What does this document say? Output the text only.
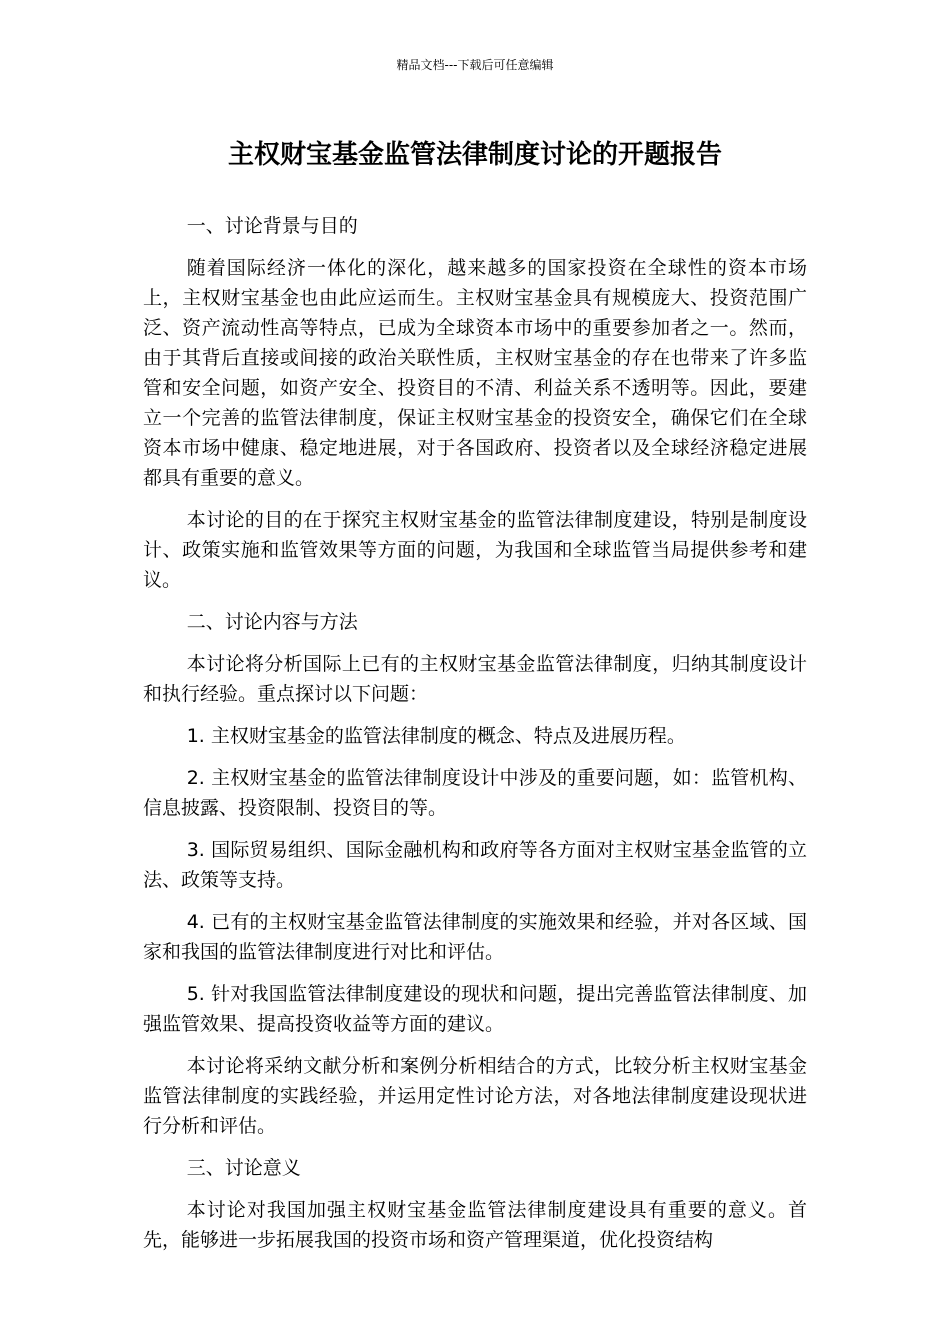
精品文档---下载后可任意编辑
主权财宝基金监管法律制度讨论的开题报告

一、讨论背景与目的

随着国际经济一体化的深化，越来越多的国家投资在全球性的资本市场上，主权财宝基金也由此应运而生。主权财宝基金具有规模庞大、投资范围广泛、资产流动性高等特点，已成为全球资本市场中的重要参加者之一。然而，由于其背后直接或间接的政治关联性质，主权财宝基金的存在也带来了许多监管和安全问题，如资产安全、投资目的不清、利益关系不透明等。因此，要建立一个完善的监管法律制度，保证主权财宝基金的投资安全，确保它们在全球资本市场中健康、稳定地进展，对于各国政府、投资者以及全球经济稳定进展都具有重要的意义。

本讨论的目的在于探究主权财宝基金的监管法律制度建设，特别是制度设计、政策实施和监管效果等方面的问题，为我国和全球监管当局提供参考和建议。

二、讨论内容与方法

本讨论将分析国际上已有的主权财宝基金监管法律制度，归纳其制度设计和执行经验。重点探讨以下问题：

1. 主权财宝基金的监管法律制度的概念、特点及进展历程。

2. 主权财宝基金的监管法律制度设计中涉及的重要问题，如：监管机构、信息披露、投资限制、投资目的等。

3. 国际贸易组织、国际金融机构和政府等各方面对主权财宝基金监管的立法、政策等支持。

4. 已有的主权财宝基金监管法律制度的实施效果和经验，并对各区域、国家和我国的监管法律制度进行对比和评估。

5. 针对我国监管法律制度建设的现状和问题，提出完善监管法律制度、加强监管效果、提高投资收益等方面的建议。

本讨论将采纳文献分析和案例分析相结合的方式，比较分析主权财宝基金监管法律制度的实践经验，并运用定性讨论方法，对各地法律制度建设现状进行分析和评估。

三、讨论意义

本讨论对我国加强主权财宝基金监管法律制度建设具有重要的意义。首先，能够进一步拓展我国的投资市场和资产管理渠道，优化投资结构
